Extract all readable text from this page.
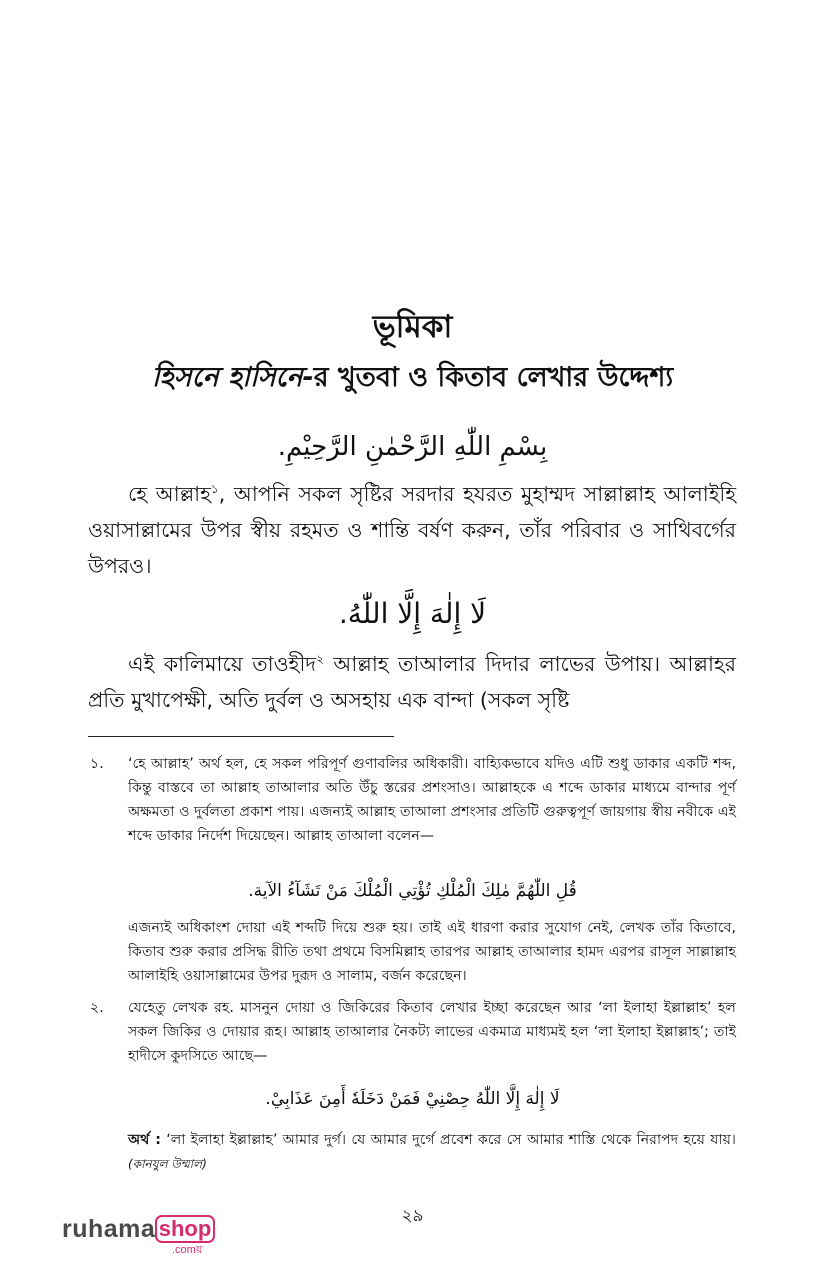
ভূমিকা
হিসনে হাসিনে-র খুতবা ও কিতাব লেখার উদ্দেশ্য
بِسْمِ اللّٰهِ الرَّحْمٰنِ الرَّحِيْمِ.
হে আল্লাহ$^১$, আপনি সকল সৃষ্টির সরদার হযরত মুহাম্মদ সাল্লাল্লাহ আলাইহি ওয়াসাল্লামের উপর স্বীয় রহমত ও শান্তি বর্ষণ করুন, তাঁর পরিবার ও সাথিবর্গের উপরও।
لَا إِلٰهَ إِلَّا اللّٰهُ.
এই কালিমায়ে তাওহীদ$^২$ আল্লাহ তাআলার দিদার লাভের উপায়। আল্লাহর প্রতি মুখাপেক্ষী, অতি দুর্বল ও অসহায় এক বান্দা (সকল সৃষ্টি
১. ‘হে আল্লাহ’ অর্থ হল, হে সকল পরিপূর্ণ গুণাবলির অধিকারী। বাহ্যিকভাবে যদিও এটি শুধু ডাকার একটি শব্দ, কিন্তু বাস্তবে তা আল্লাহ তাআলার অতি উঁচু স্তরের প্রশংসাও। আল্লাহকে এ শব্দে ডাকার মাধ্যমে বান্দার পূর্ণ অক্ষমতা ও দুর্বলতা প্রকাশ পায়। এজন্যই আল্লাহ তাআলা প্রশংসার প্রতিটি গুরুত্বপূর্ণ জায়গায় স্বীয় নবীকে এই শব্দে ডাকার নির্দেশ দিয়েছেন। আল্লাহ তাআলা বলেন—
قُلِ اللّٰهُمَّ مٰلِكَ الْمُلْكِ تُؤْتِي الْمُلْكَ مَنْ تَشَآءُ الآية.
এজন্যই অধিকাংশ দোয়া এই শব্দটি দিয়ে শুরু হয়। তাই এই ধারণা করার সুযোগ নেই, লেখক তাঁর কিতাবে, কিতাব শুরু করার প্রসিদ্ধ রীতি তথা প্রথমে বিসমিল্লাহ তারপর আল্লাহ তাআলার হামদ এরপর রাসূল সাল্লাল্লাহ আলাইহি ওয়াসাল্লামের উপর দুরূদ ও সালাম, বর্জন করেছেন।
২. যেহেতু লেখক রহ. মাসনুন দোয়া ও জিকিরের কিতাব লেখার ইচ্ছা করেছেন আর ‘লা ইলাহা ইল্লাল্লাহ’ হল সকল জিকির ও দোয়ার রূহ। আল্লাহ তাআলার নৈকট্য লাভের একমাত্র মাধ্যমই হল ‘লা ইলাহা ইল্লাল্লাহ’; তাই হাদীসে কুদসিতে আছে—
لَا إِلٰهَ إِلَّا اللّٰهُ حِصْنِيْ فَمَنْ دَخَلَهٗ أَمِنَ عَذَابِيْ.
অর্থ : ‘লা ইলাহা ইল্লাল্লাহ’ আমার দুর্গ। যে আমার দুর্গে প্রবেশ করে সে আমার শাস্তি থেকে নিরাপদ হয়ে যায়। (কানযুল উম্মাল)
২৯
ruhama shop
.comয়
